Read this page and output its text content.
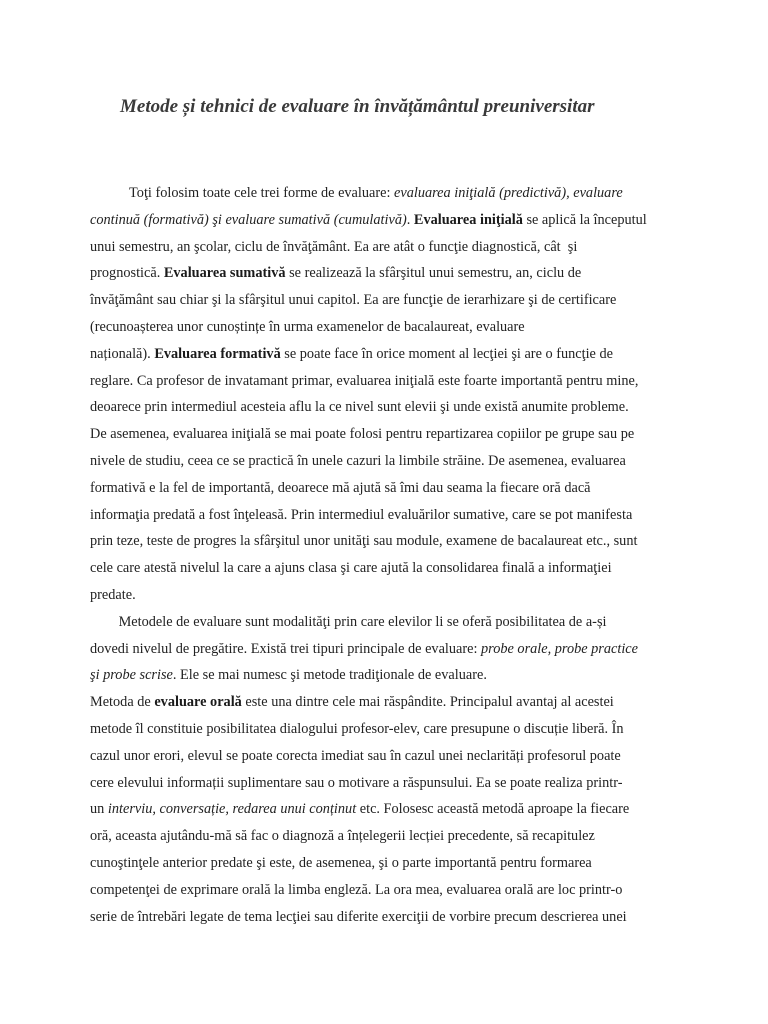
Metode și tehnici de evaluare în învățământul preuniversitar
Toţi folosim toate cele trei forme de evaluare: evaluarea iniţială (predictivă), evaluare
continuă (formativă) şi evaluare sumativă (cumulativă). Evaluarea iniţială se aplică la începutul
unui semestru, an şcolar, ciclu de învăţământ. Ea are atât o funcţie diagnostică, cât  şi
prognostică. Evaluarea sumativă se realizează la sfârşitul unui semestru, an, ciclu de
învăţământ sau chiar şi la sfârşitul unui capitol. Ea are funcţie de ierarhizare şi de certificare
(recunoașterea unor cunoștințe în urma examenelor de bacalaureat, evaluare
națională). Evaluarea formativă se poate face în orice moment al lecţiei şi are o funcţie de
reglare. Ca profesor de invatamant primar, evaluarea iniţială este foarte importantă pentru mine,
deoarece prin intermediul acesteia aflu la ce nivel sunt elevii şi unde există anumite probleme.
De asemenea, evaluarea iniţială se mai poate folosi pentru repartizarea copiilor pe grupe sau pe
nivele de studiu, ceea ce se practică în unele cazuri la limbile străine. De asemenea, evaluarea
formativă e la fel de importantă, deoarece mă ajută să îmi dau seama la fiecare oră dacă
informaţia predată a fost înţeleasă. Prin intermediul evaluărilor sumative, care se pot manifesta
prin teze, teste de progres la sfârşitul unor unităţi sau module, examene de bacalaureat etc., sunt
cele care atestă nivelul la care a ajuns clasa şi care ajută la consolidarea finală a informaţiei
predate.
Metodele de evaluare sunt modalităţi prin care elevilor li se oferă posibilitatea de a-și
dovedi nivelul de pregătire. Există trei tipuri principale de evaluare: probe orale, probe practice
şi probe scrise. Ele se mai numesc şi metode tradiţionale de evaluare.
Metoda de evaluare orală este una dintre cele mai răspândite. Principalul avantaj al acestei
metode îl constituie posibilitatea dialogului profesor-elev, care presupune o discuție liberă. În
cazul unor erori, elevul se poate corecta imediat sau în cazul unei neclarități profesorul poate
cere elevului informații suplimentare sau o motivare a răspunsului. Ea se poate realiza printr-
un interviu, conversație, redarea unui conținut etc. Folosesc această metodă aproape la fiecare
oră, aceasta ajutându-mă să fac o diagnoză a înțelegerii lecției precedente, să recapitulez
cunoştinţele anterior predate şi este, de asemenea, şi o parte importantă pentru formarea
competenţei de exprimare orală la limba engleză. La ora mea, evaluarea orală are loc printr-o
serie de întrebări legate de tema lecţiei sau diferite exerciţii de vorbire precum descrierea unei
